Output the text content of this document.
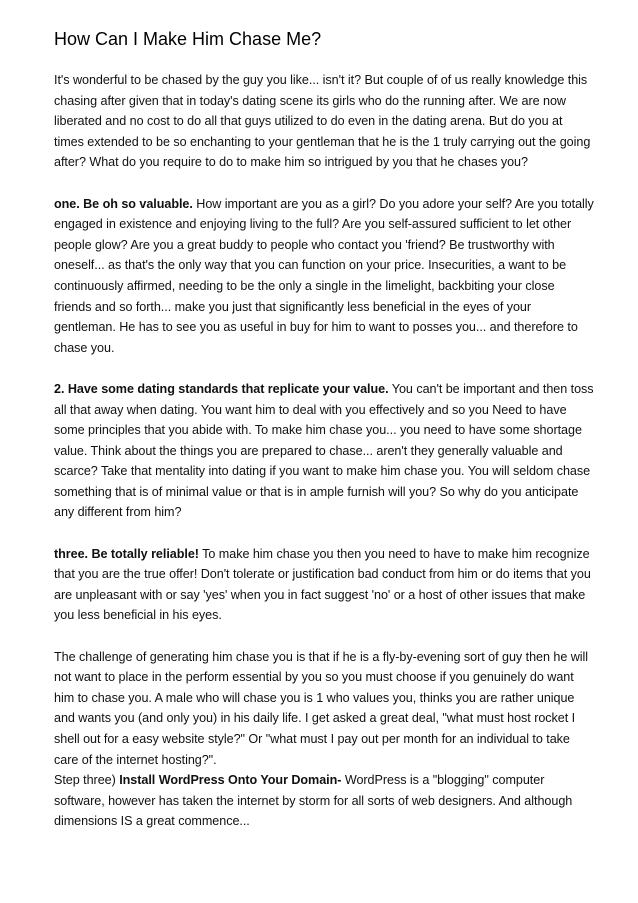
How Can I Make Him Chase Me?

It's wonderful to be chased by the guy you like... isn't it? But couple of of us really knowledge this chasing after given that in today's dating scene its girls who do the running after. We are now liberated and no cost to do all that guys utilized to do even in the dating arena. But do you at times extended to be so enchanting to your gentleman that he is the 1 truly carrying out the going after? What do you require to do to make him so intrigued by you that he chases you?

one. Be oh so valuable. How important are you as a girl? Do you adore your self? Are you totally engaged in existence and enjoying living to the full? Are you self-assured sufficient to let other people glow? Are you a great buddy to people who contact you 'friend? Be trustworthy with oneself... as that's the only way that you can function on your price. Insecurities, a want to be continuously affirmed, needing to be the only a single in the limelight, backbiting your close friends and so forth... make you just that significantly less beneficial in the eyes of your gentleman. He has to see you as useful in buy for him to want to posses you... and therefore to chase you.

2. Have some dating standards that replicate your value. You can't be important and then toss all that away when dating. You want him to deal with you effectively and so you Need to have some principles that you abide with. To make him chase you... you need to have some shortage value. Think about the things you are prepared to chase... aren't they generally valuable and scarce? Take that mentality into dating if you want to make him chase you. You will seldom chase something that is of minimal value or that is in ample furnish will you? So why do you anticipate any different from him?

three. Be totally reliable! To make him chase you then you need to have to make him recognize that you are the true offer! Don't tolerate or justification bad conduct from him or do items that you are unpleasant with or say 'yes' when you in fact suggest 'no' or a host of other issues that make you less beneficial in his eyes.

The challenge of generating him chase you is that if he is a fly-by-evening sort of guy then he will not want to place in the perform essential by you so you must choose if you genuinely do want him to chase you. A male who will chase you is 1 who values you, thinks you are rather unique and wants you (and only you) in his daily life. I get asked a great deal, "what must host rocket I shell out for a easy website style?" Or "what must I pay out per month for an individual to take care of the internet hosting?".

Step three) Install WordPress Onto Your Domain- WordPress is a "blogging" computer software, however has taken the internet by storm for all sorts of web designers. And although dimensions IS a great commence...
